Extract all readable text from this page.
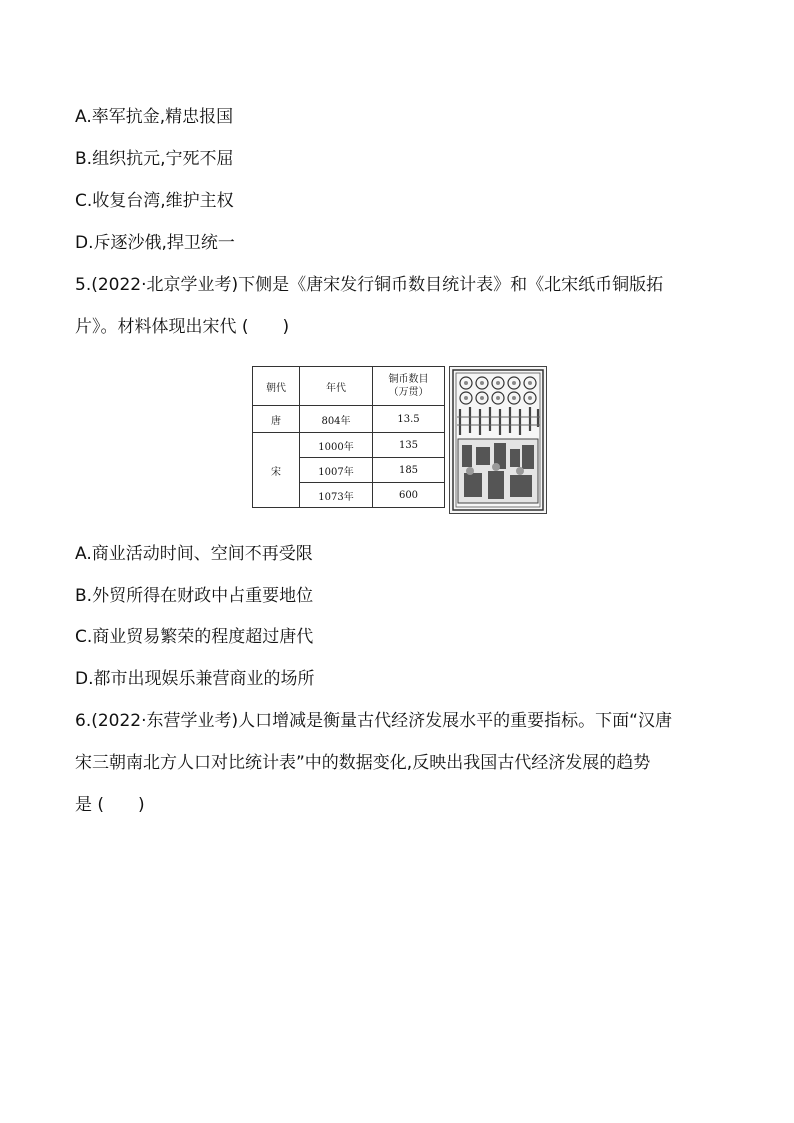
A.率军抗金,精忠报国
B.组织抗元,宁死不屈
C.收复台湾,维护主权
D.斥逐沙俄,捍卫统一
5.(2022·北京学业考)下侧是《唐宋发行铜币数目统计表》和《北宋纸币铜版拓
片》。材料体现出宋代 (　　)
朝代	年代	铜币数目
（万贯）
唐	804年	13.5
宋	1000年	135
	1007年	185
	1073年	600
A.商业活动时间、空间不再受限
B.外贸所得在财政中占重要地位
C.商业贸易繁荣的程度超过唐代
D.都市出现娱乐兼营商业的场所
6.(2022·东营学业考)人口增减是衡量古代经济发展水平的重要指标。下面“汉唐
宋三朝南北方人口对比统计表”中的数据变化,反映出我国古代经济发展的趋势
是 (　　)
